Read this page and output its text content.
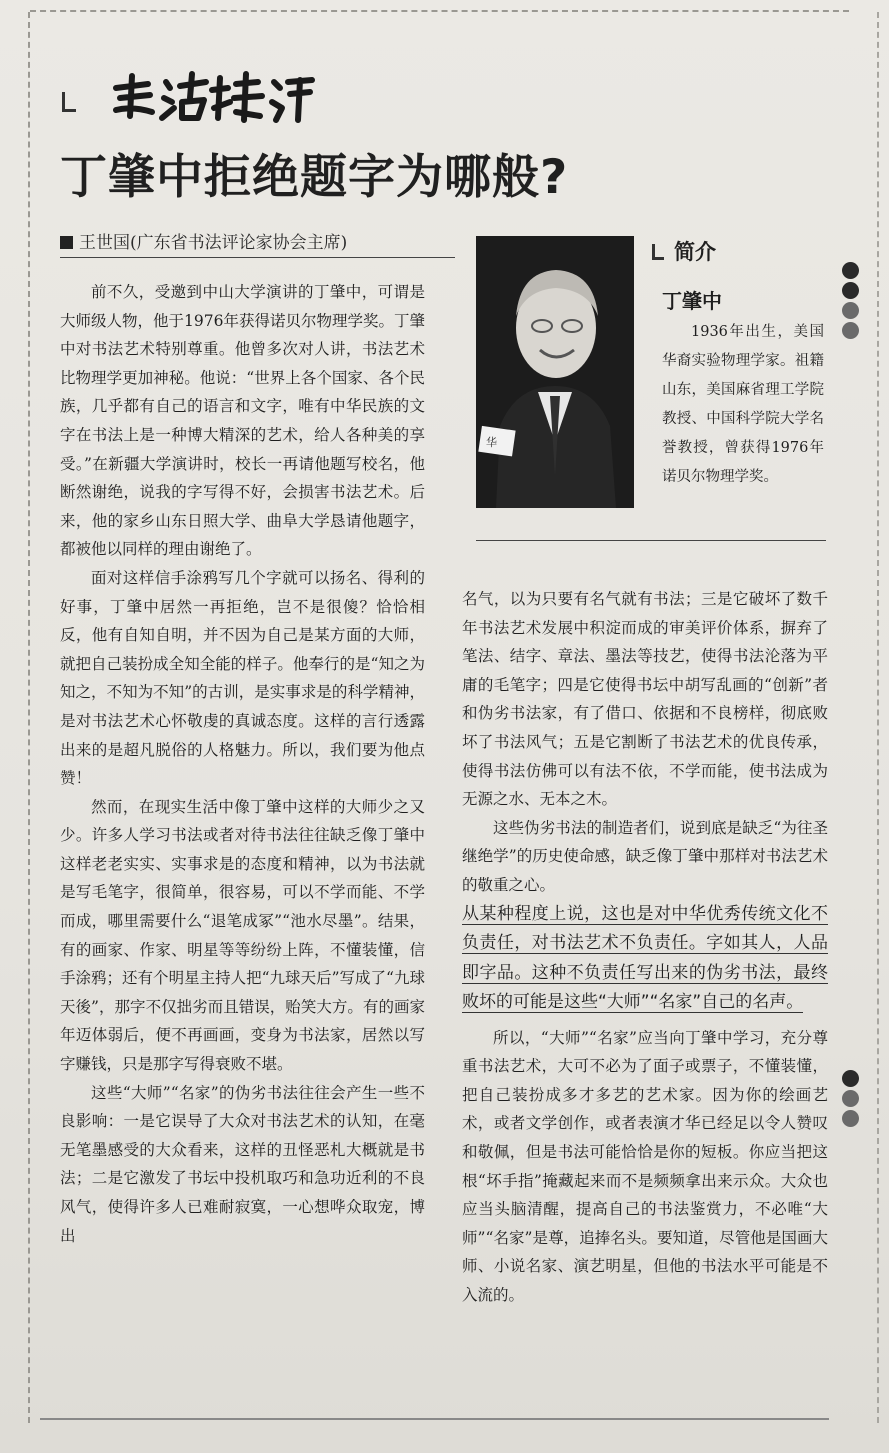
丁肇中拒绝题字为哪般?
王世国(广东省书法评论家协会主席)
华
简介
丁肇中
1936年出生，美国华裔实验物理学家。祖籍山东，美国麻省理工学院教授、中国科学院大学名誉教授，曾获得1976年诺贝尔物理学奖。

前不久，受邀到中山大学演讲的丁肇中，可谓是大师级人物，他于1976年获得诺贝尔物理学奖。丁肇中对书法艺术特别尊重。他曾多次对人讲，书法艺术比物理学更加神秘。他说：“世界上各个国家、各个民族，几乎都有自己的语言和文字，唯有中华民族的文字在书法上是一种博大精深的艺术，给人各种美的享受。”在新疆大学演讲时，校长一再请他题写校名，他断然谢绝，说我的字写得不好，会损害书法艺术。后来，他的家乡山东日照大学、曲阜大学恳请他题字，都被他以同样的理由谢绝了。

面对这样信手涂鸦写几个字就可以扬名、得利的好事，丁肇中居然一再拒绝，岂不是很傻？恰恰相反，他有自知自明，并不因为自己是某方面的大师，就把自己装扮成全知全能的样子。他奉行的是“知之为知之，不知为不知”的古训，是实事求是的科学精神，是对书法艺术心怀敬虔的真诚态度。这样的言行透露出来的是超凡脱俗的人格魅力。所以，我们要为他点赞！

然而，在现实生活中像丁肇中这样的大师少之又少。许多人学习书法或者对待书法往往缺乏像丁肇中这样老老实实、实事求是的态度和精神，以为书法就是写毛笔字，很简单，很容易，可以不学而能、不学而成，哪里需要什么“退笔成冢”“池水尽墨”。结果，有的画家、作家、明星等等纷纷上阵，不懂装懂，信手涂鸦；还有个明星主持人把“九球天后”写成了“九球天後”，那字不仅拙劣而且错误，贻笑大方。有的画家年迈体弱后，便不再画画，变身为书法家，居然以写字赚钱，只是那字写得衰败不堪。

这些“大师”“名家”的伪劣书法往往会产生一些不良影响：一是它误导了大众对书法艺术的认知，在毫无笔墨感受的大众看来，这样的丑怪恶札大概就是书法；二是它激发了书坛中投机取巧和急功近利的不良风气，使得许多人已难耐寂寞，一心想哗众取宠，博出

名气，以为只要有名气就有书法；三是它破坏了数千年书法艺术发展中积淀而成的审美评价体系，摒弃了笔法、结字、章法、墨法等技艺，使得书法沦落为平庸的毛笔字；四是它使得书坛中胡写乱画的“创新”者和伪劣书法家，有了借口、依据和不良榜样，彻底败坏了书法风气；五是它割断了书法艺术的优良传承，使得书法仿佛可以有法不依，不学而能，使书法成为无源之水、无本之木。

这些伪劣书法的制造者们，说到底是缺乏“为往圣继绝学”的历史使命感，缺乏像丁肇中那样对书法艺术的敬重之心。

从某种程度上说，这也是对中华优秀传统文化不负责任，对书法艺术不负责任。字如其人，人品即字品。这种不负责任写出来的伪劣书法，最终败坏的可能是这些“大师”“名家”自己的名声。

所以，“大师”“名家”应当向丁肇中学习，充分尊重书法艺术，大可不必为了面子或票子，不懂装懂，把自己装扮成多才多艺的艺术家。因为你的绘画艺术，或者文学创作，或者表演才华已经足以令人赞叹和敬佩，但是书法可能恰恰是你的短板。你应当把这根“坏手指”掩藏起来而不是频频拿出来示众。大众也应当头脑清醒，提高自己的书法鉴赏力，不必唯“大师”“名家”是尊，追捧名头。要知道，尽管他是国画大师、小说名家、演艺明星，但他的书法水平可能是不入流的。
